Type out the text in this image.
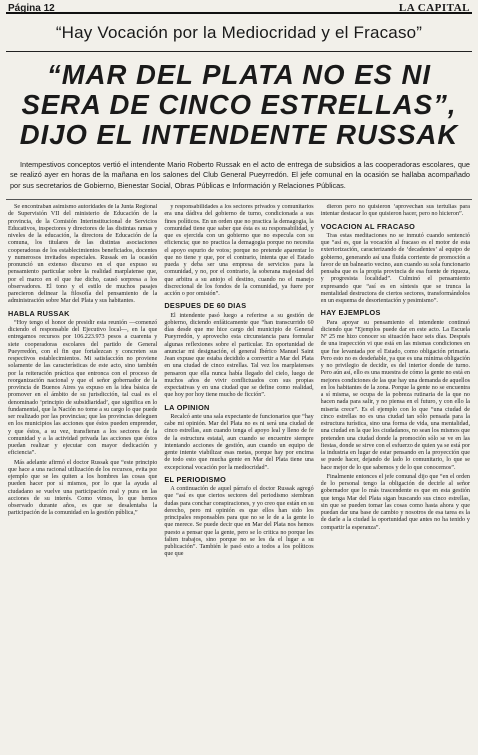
Página 12	LA CAPITAL
“Hay Vocación por la Mediocridad y el Fracaso”
“MAR DEL PLATA NO ES NI
SERA DE CINCO ESTRELLAS”,
DIJO EL INTENDENTE RUSSAK

Intempestivos conceptos vertió el intendente Mario Roberto Russak en el acto de entrega de subsidios a las cooperadoras escolares, que se realizó ayer en horas de la mañana en los salones del Club General Pueyrredón. El jefe comunal en la ocasión se hallaba acompañado por sus secretarios de Gobierno, Bienestar Social, Obras Públicas e Información y Relaciones Públicas.

Se encontraban asimismo autoridades de la Junta Regional de Supervisión VII del ministerio de Educación de la provincia, de la Comisión Interinstitucional de Servicios Educativos, inspectores y directores de las distintas ramas y niveles de la educación, la directora de Educación de la comuna, los titulares de las distintas asociaciones cooperadoras de los establecimientos beneficiados, docentes y numerosos invitados especiales. Russak en la ocasión pronunció un extenso discurso en el que expuso su pensamiento particular sobre la realidad marplatense que, por el marco en el que fue dicho, causó sorpresa a los observadores. El tono y el estilo de muchos pasajes parecieron delinear la filosofía del pensamiento de la administración sobre Mar del Plata y sus habitantes.

HABLA RUSSAK

“Hoy tengo el honor de presidir esta reunión —comenzó diciendo el responsable del Ejecutivo local—, en la que entregamos recursos por 106.223.973 pesos a cuarenta y siete cooperadoras escolares del partido de General Pueyrredón, con el fin que fortalezcan y concreten sus respectivos establecimientos. Mi satisfacción no proviene solamente de las características de este acto, sino también por la reiteración práctica que entronca con el proceso de reorganización nacional y que el señor gobernador de la provincia de Buenos Aires ya expuso en la idea básica de promover en el ámbito de su jurisdicción, tal cual es el denominado ‘principio de subsidiaridad’, que significa en lo fundamental, que la Nación no tome a su cargo lo que puede ser realizado por las provincias; que las provincias deleguen en los municipios las acciones que éstos pueden emprender, y que éstos, a su vez, transfieran a los sectores de la comunidad y a la actividad privada las acciones que éstos puedan realizar y ejecutar con mayor dedicación y eficiencia”.

Más adelante afirmó el doctor Russak que “este principio que hace a una racional utilización de los recursos, evita por ejemplo que se les quiten a los hombres las cosas que pueden hacer por sí mismos, por lo que la ayuda al ciudadano se vuelve una participación real y pura en las acciones de su interés. Como vimos, lo que hemos observado durante años, es que se desalentaba la participación de la comunidad en la gestión pública,”

y responsabilidades a los sectores privados y comunitarios era una dádiva del gobierno de turno, condicionada a sus fines políticos. En un orden que no practica la demagogia, la comunidad tiene que saber que ésta es su responsabilidad, y que es ejercida con un gobierno que no especula con su eficiencia; que no practica la demagogia porque no necesita el apoyo espurio de votos; porque no pretende aparentar lo que no tiene y que, por el contrario, intenta que el Estado pueda y deba ser una empresa de servicios para la comunidad, y no, por el contrario, la soberana majestad del que arbitra a su antojo el destino, cuando no el manejo discrecional de los fondos de la comunidad, ya fuere por acción o por omisión”.

DESPUES DE 60 DIAS

El intendente pasó luego a referirse a su gestión de gobierno, diciendo enfáticamente que “han transcurrido 60 días desde que me hice cargo del municipio de General Pueyrredón, y aprovecho esta circunstancia para formular algunas reflexiones sobre el particular. En oportunidad de anunciar mi designación, el general Ibérico Manuel Saint Jean expuse que estaba decidido a convertir a Mar del Plata en una ciudad de cinco estrellas. Tal vez los marplatenses pensaron que ella nunca había llegado del cielo, luego de muchos años de vivir conflictuados con sus propias expectativas y en una ciudad que se define como realidad, que hoy por hoy tiene mucho de ficción”.

LA OPINION

Recalcó ante una sala expectante de funcionarios que “hay cabe mi opinión. Mar del Plata no es ni será una ciudad de cinco estrellas, aun cuando tenga el apoyo leal y lleno de fe de la estructura estatal, aun cuando se encuentre siempre intentando acciones de gestión, aun cuando un equipo de gente intente viabilizar esas metas, porque hay por encima de todo esto que mucha gente en Mar del Plata tiene una excepcional vocación por la mediocridad”.

EL PERIODISMO

A continuación de aquel párrafo el doctor Russak agregó que “así es que ciertos sectores del periodismo siembran dudas para conchar conspiraciones, y yo creo que están en su derecho, pero mi opinión es que ellos han sido los principales responsables para que no se le de a la gente lo que merece. Se puede decir que en Mar del Plata nos hemos puesto a pensar que la gente, pero se lo critica no porque les falten trabajos, sino porque no se les da el lugar a su publicación”. También le pasó esto a todos a los políticos que que

dieron pero no quisieron ‘aprovechan sus tertulias para intentar destacar lo que quisieron hacer, pero no hicieron”.

VOCACION AL FRACASO

Tras estas meditaciones no se inmutó cuando sentenció que “así es, que la vocación al fracaso es el motor de esta exteriorización, caracterizando de ‘decadentes’ al equipo de gobierno, generando así una fluida corriente de promoción a favor de un balneario vecino, aun cuando su sola funcionario pensaba que es la propia provincia de esa fuente de riqueza, y progresista localidad”. Culminó el pensamiento expresando que “así es en síntesis que se trunca la mentalidad destructora de ciertos sectores, transformándolos en un esquema de desorientación y pesimismo”.

HAY EJEMPLOS

Para apoyar su pensamiento el intendente continuó diciendo que “Ejemplos puede dar en este acto. La Escuela Nº 25 me hizo conocer su situación hace seis días. Después de una inspección vi que está en las mismas condiciones en que fue levantada por el Estado, como obligación primaria. Pero esto no es desdeñable, ya que es una mínima obligación y no privilegio de decidir, es del interior donde de turno. Pero aún así, ello es una muestra de cómo la gente no está en mejores condiciones de las que hay una demanda de aquellos en los habitantes de la zona. Porque la gente no se encuentra a sí misma, se ocupa de la pobreza rutinaria de la que no hacen nada para salir, y no piensa en el futuro, y con ello la miseria crece”. Es el ejemplo con lo que “una ciudad de cinco estrellas no es una ciudad tan sólo pensada para la estructura turística, sino una forma de vida, una mentalidad, una ciudad en la que los ciudadanos, no sean los mismos que pretenden una ciudad donde la promoción sólo se ve en las fiestas, donde se sirve con el esfuerzo de quien ya se está por la industria en lugar de estar pensando en la proyección que se puede hacer, dejando de lado lo comunitario, lo que se hace mejor de lo que sabemos y de lo que conocemos”.

Finalmente entonces el jefe comunal dijo que “en el orden de lo personal tengo la obligación de decirle al señor gobernador que lo más trascendente es que en esta gestión que tenga Mar del Plata sigan buscando sus cinco estrellas, sin que se pueden tomar las cosas como hasta ahora y que puedan dar una base de cambio y nosotros de esa tarea es la de darle a la ciudad la oportunidad que antes no ha tenido y compartir la esperanza”.
